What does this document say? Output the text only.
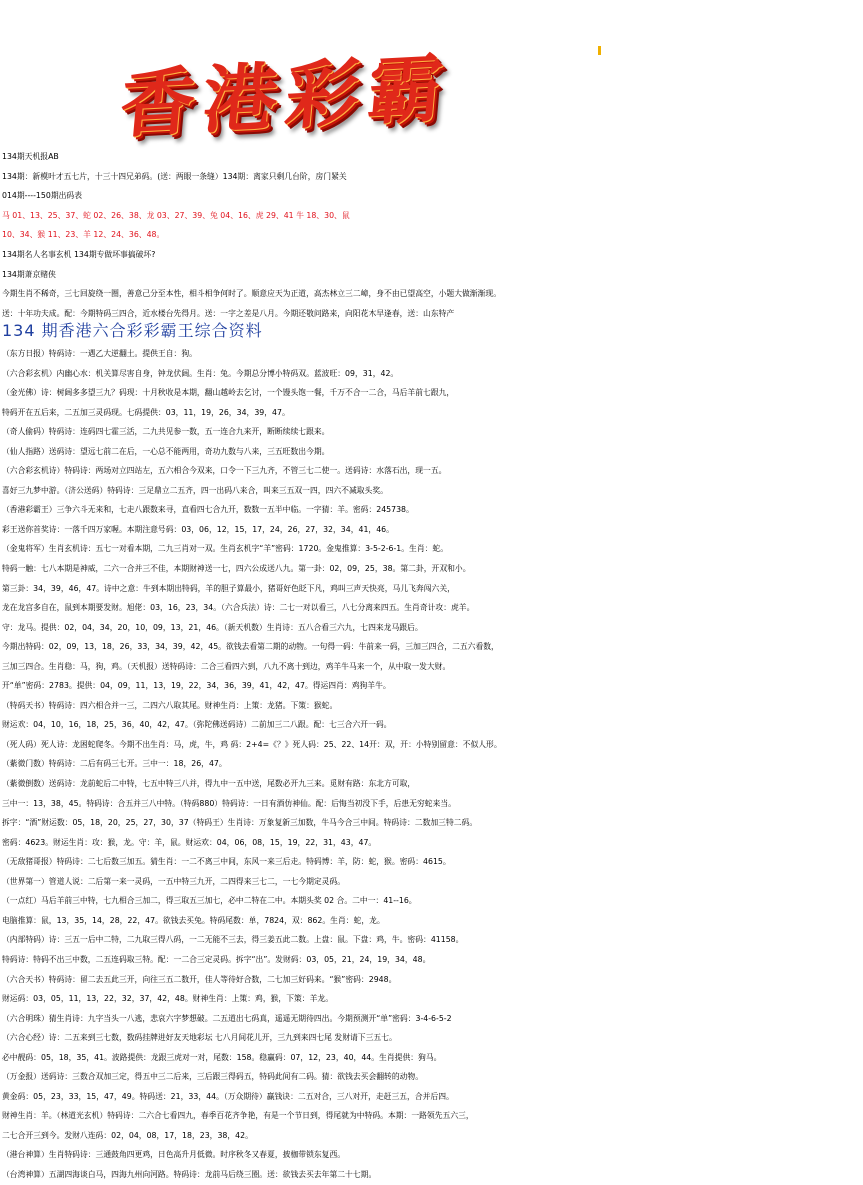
香港彩霸
134期天机报AB
134期：新模叶才五七片，十三十四兄弟码。(送：两眼一条缝）134期：离家只剩几台阶，房门紧关
014期----150期出码表
马 01、13、25、37、蛇 02、26、38、龙 03、27、39、兔 04、16、虎 29、41 牛 18、30、鼠
10、34、猴 11、23、羊 12、24、36、48。
134期名人名事玄机 134期专做坏事搞破坏?
134期萧京赌侠
今期生肖不稀奇，三七回旋绕一圈，善意己分至本性，相斗相争何时了。顺意应天为正道，高杰林立三二嶂，身不由已望高空，小题大做渐渐现。
送：十年功夫成。配：今期特码三四合，近水楼台先得月。送：一字之差是八月。今期还敬问路来，向阳花木早逢春，送：山东特产
134 期香港六合彩彩霸王综合资料
（东方日报）特码诗：一遇乙大逆翻土。提供王自：狗。
（六合彩玄机）内幽心水：机关算尽害自身，钟龙伏阔。生肖：兔。今期总分博小特码双。蓝波旺：09，31，42。
（金光佛）诗：树阔多多望三九？码现：十月秋收是本期，翻山越岭去乞讨，一个馒头饱一餐，千万不合一二合，马后羊前七跟九，
特码开在五后来，二五加三灵码现。七码提供：03，11，19，26，34，39，47。
（奇人偷码）特码诗：连码四七霍三活，二九共见参一数，五一连合九来开，断断续续七跟来。
（仙人指路）送码诗：望远七前二在后，一心总不能两用，奇功九数与八来，三五旺数出今期。
（六合彩玄机诗）特码诗：两场对立四站左，五六相合今双来，口令一下三九齐，不管三七二使一。送码诗：水落石出，现一五。
喜好三九梦中游。（济公送码）特码诗：三足鼎立二五齐，四一出码八来合，叫来三五双一四，四六不减取头奖。
（香港彩霸王）三争六斗无来和，七走八跟数来寻，直看四七合九开，数数一五半中临。一字猜：羊。密码：245738。
彩王送你首奖诗：一落千四万家喔。本期注意号码：03，06，12，15，17，24，26，27，32，34，41，46。
（金鬼将军）生肖玄机诗：五七一对看本期，二九三肖对一双。生肖玄机字“羊”密码：1720。金鬼推算：3-5-2-6-1。生肖：蛇。
特码一触：七八本期是神威，二六一合并三不佳，本期财神送一七，四六公成送八九。第一卦：02，09，25，38。第二卦，开双和小。
第三卦：34，39，46，47。诗中之意：牛到本期出特码，羊的胆子算最小，猪哥好色眨下凡，鸡叫三声天快亮，马儿飞奔闯六关，
龙在龙宫多自在，鼠到本期要发财。旭佬：03，16，23，34。（六合兵法）诗：二七一对以看三，八七分离来四五。生肖奇计攻：虎羊。
守：龙马。提供：02，04，34，20，10，09，13，21，46。（新天机数）生肖诗：五八合看三六九，七四来龙马跟后。
今期出特码：02，09，13，18，26，33，34，39，42，45。欲钱去看第二期的动物。一句得一码：牛前来一码，三加三四合，二五六看数，
三加三四合。生肖稳：马，狗，鸡。（天机报）送特码诗：二合三看四六到，八九不离十到边，鸡羊牛马来一个，从中取一发大财。
开“单”密码：2783。提供：04，09，11，13，19，22，34，36，39，41，42，47。得运四肖：鸡狗羊牛。
（特码天书）特码诗：四六相合并一三，二四六八取其尾。财神生肖：上策：龙猪。下策：猴蛇。
财运欢：04，10，16，18，25，36，40，42，47。（弥陀佛送码诗）二前加三二八跟。配：七三合六开一码。
（死人码）死人诗：龙困蛇爬冬。今期不出生肖：马，虎，牛，鸡 码：2+4=《？》死人码：25、22、14开：双，开：小特别留意：不似人形。
（紫微门数）特码诗：二后有码三七开。三中一：18，26，47。
（紫微倒数）送码诗：龙前蛇后二中特，七五中特三八并，得九中一五中送，尾数必开九三来。觅财有路：东北方可取，
三中一：13，38，45。特码诗：合五并三八中特。（特码880）特码诗：一日有酒仿神仙。配：后悔当初没下手，后患无穷蛇来当。
拆字：“酒”财运数：05，18，20，25，27，30，37（特码王）生肖诗：万象复新三加数，牛马今合三中间。特码诗：二数加三特二码。
密码：4623。财运生肖：攻：猴，龙。守：羊，鼠。财运欢：04，06，08，15，19，22，31，43，47。
（无敌猪哥报）特码诗：二七后数三加五。猜生肖：一二不离三中间，东风一来三后走。特码博：羊，防：蛇，猴。密码：4615。
（世界第一）管道人说：二后第一来一灵码，一五中特三九开，二四得来三七二，一七今期定灵码。
（一点红）马后羊前三中特，七九相合三加二，得三取五三加七，必中二特在二中。本期头奖 02 合。二中一：41--16。
电脑推算：鼠，13，35，14，28，22，47。欲钱去买兔。特码尾数：单，7824，双：862。生肖：蛇，龙。
（内部特码）诗：三五一后中二特，二九取三得八码，一二无能不三去，得三姜五此二数。上盘：鼠。下盘：鸡，牛。密码：41158。
特码诗：特码不出三中数，二五连码取三特。配：一二合三定灵码。拆字“出”。发财码：03，05，21，24，19，34，48。
（六合天书）特码诗：留二去五此三开，向往三五二数开，佳人等待好合数，二七加三好码来。“猴”密码：2948。
财运码：03，05，11，13，22，32，37，42，48。财神生肖：上策：鸡，猴，下策：羊龙。
（六合明珠）猜生肖诗：九字当头一八逃，悲哀六字梦想破。二五道出七码真，遥遥无期待四出。今期预测开“单”密码：3-4-6-5-2
（六合心经）诗：二五来到三七数，数码挂牌进好友天地彩坛 七八月间花儿开，三九到来四七尾 发财请下三五七。
必中靓码：05，18，35，41。波路提供：龙跟三虎对一对，尾数：158。稳赢码：07，12，23，40，44。生肖提供：狗马。
（万金报）送码诗：三数合双加三定，得五中三二后来，三后跟三得码五，特码此间有二码。猜：欲钱去买会翻转的动物。
黄金码：05，23，33，15，47，49。特码送：21，33，44。（万众期待）赢钱诀：二五对合，三八对开，走赶三五，合并后四。
财神生肖：羊。（林道光玄机）特码诗：二六合七看四九，春季百花齐争艳，有是一个节日到，得尾就为中特码。本期：一路领先五六三，
二七合开三到今。发财八连码：02，04，08，17，18，23，38，42。
（港台神算）生肖特码诗：三通鼓角四更鸡，日色高升月低微。时序秋冬又春夏，披枷带锁东复西。
（台湾神算）五湖四海谈白马，四海九州向河路。特码诗：龙前马后绕三圈。送：欲钱去买去年第二十七期。
